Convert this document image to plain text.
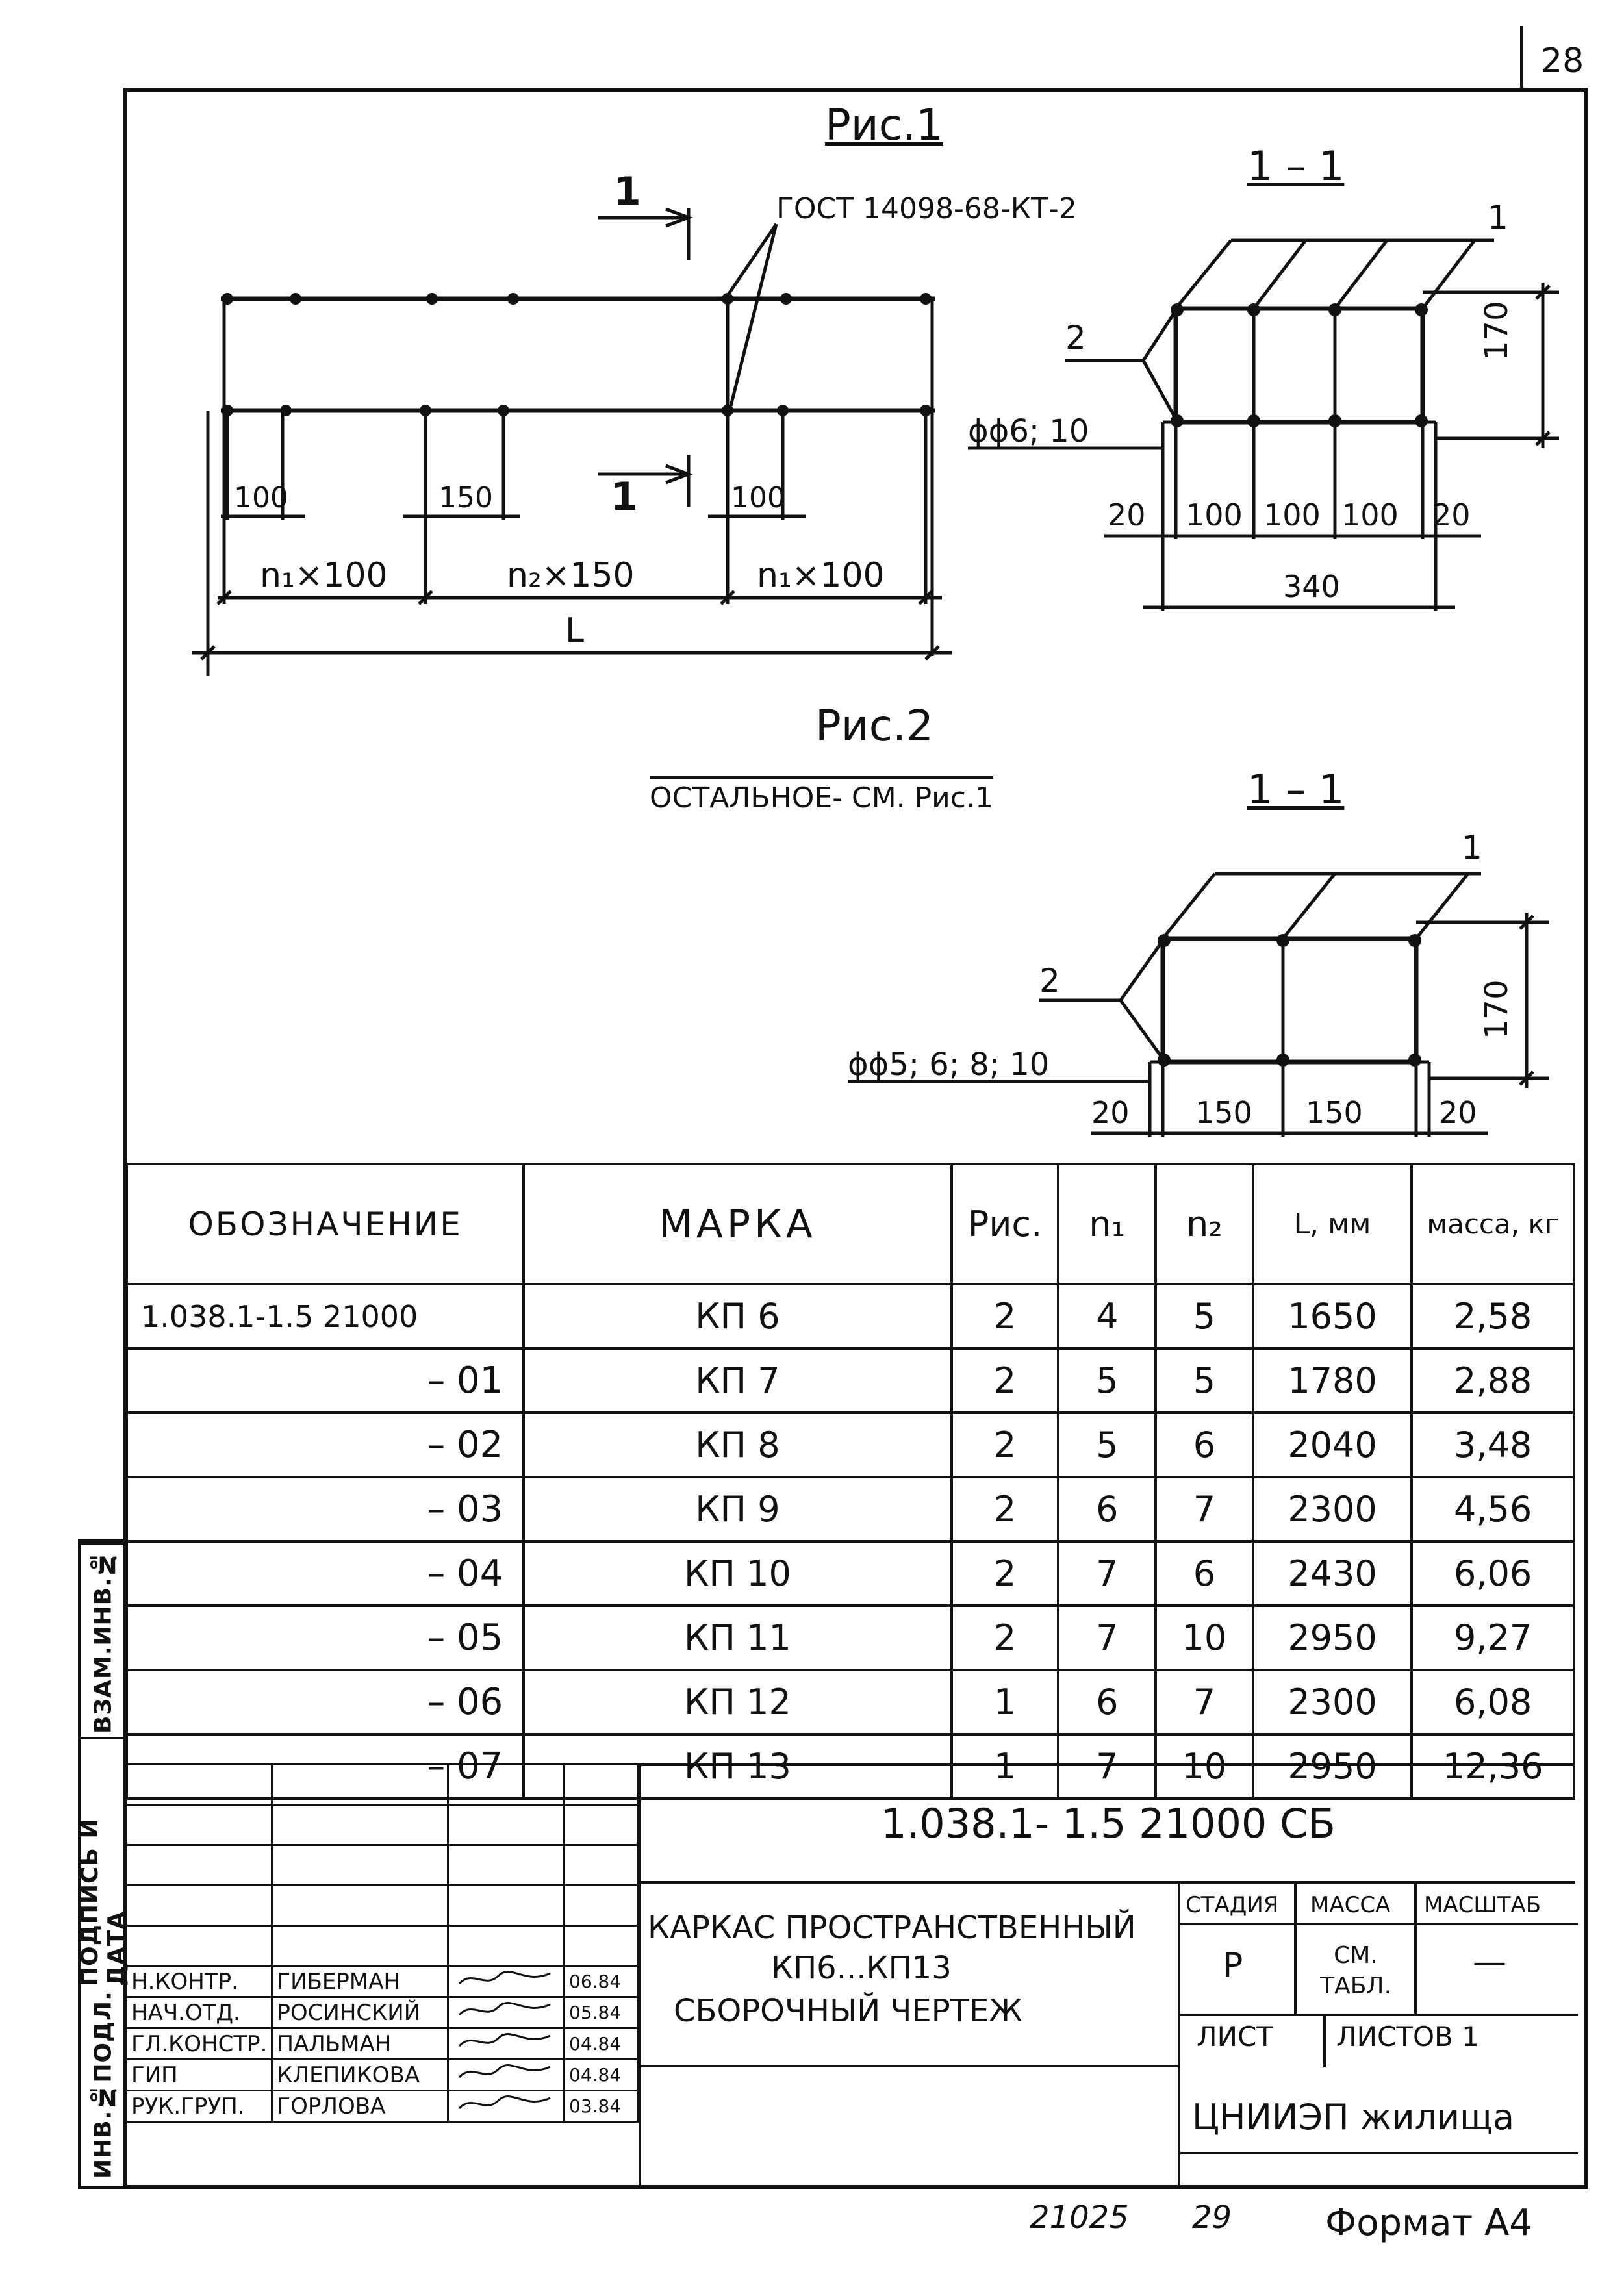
28
ВЗАМ.ИНВ.№
ПОДПИСЬ И ДАТА
ИНВ.№ПОДЛ.
Рис.1
ГОСТ 14098-68-КТ-2
1
1
100	150	100
n₁×100	n₂×150	n₁×100
L
1 – 1
1
2
ɸɸ6; 10
170
20 100 100 100 20
340
Рис.2
ОСТАЛЬНОЕ- СМ. Рис.1	1 – 1
1
2
ɸɸ5; 6; 8; 10
170
20 150 150	20
ОБОЗНАЧЕНИЕ	МАРКА	Рис.	n₁	n₂	L, мм	масса, кг
1.038.1-1.5 21000	КП 6	2	4	5	1650	2,58
– 01	КП 7	2	5	5	1780	2,88
– 02	КП 8	2	5	6	2040	3,48
– 03	КП 9	2	6	7	2300	4,56
– 04	КП 10	2	7	6	2430	6,06
– 05	КП 11	2	7	10	2950	9,27
– 06	КП 12	1	6	7	2300	6,08
– 07	КП 13	1	7	10	2950	12,36

Н.КОНТР.	ГИБЕРМАН		06.84
НАЧ.ОТД.	РОСИНСКИЙ		05.84
ГЛ.КОНСТР.	ПАЛЬМАН		04.84
ГИП	КЛЕПИКОВА		04.84
РУК.ГРУП.	ГОРЛОВА		03.84
1.038.1- 1.5 21000 СБ
КАРКАС ПРОСТРАНСТВЕННЫЙ
КП6...КП13
СБОРОЧНЫЙ ЧЕРТЕЖ
СТАДИЯ МАССА МАСШТАБ
Р	СМ. ТАБЛ.
—
ЛИСТ ЛИСТОВ 1
ЦНИИЭП жилища
21025 29	Формат А4
